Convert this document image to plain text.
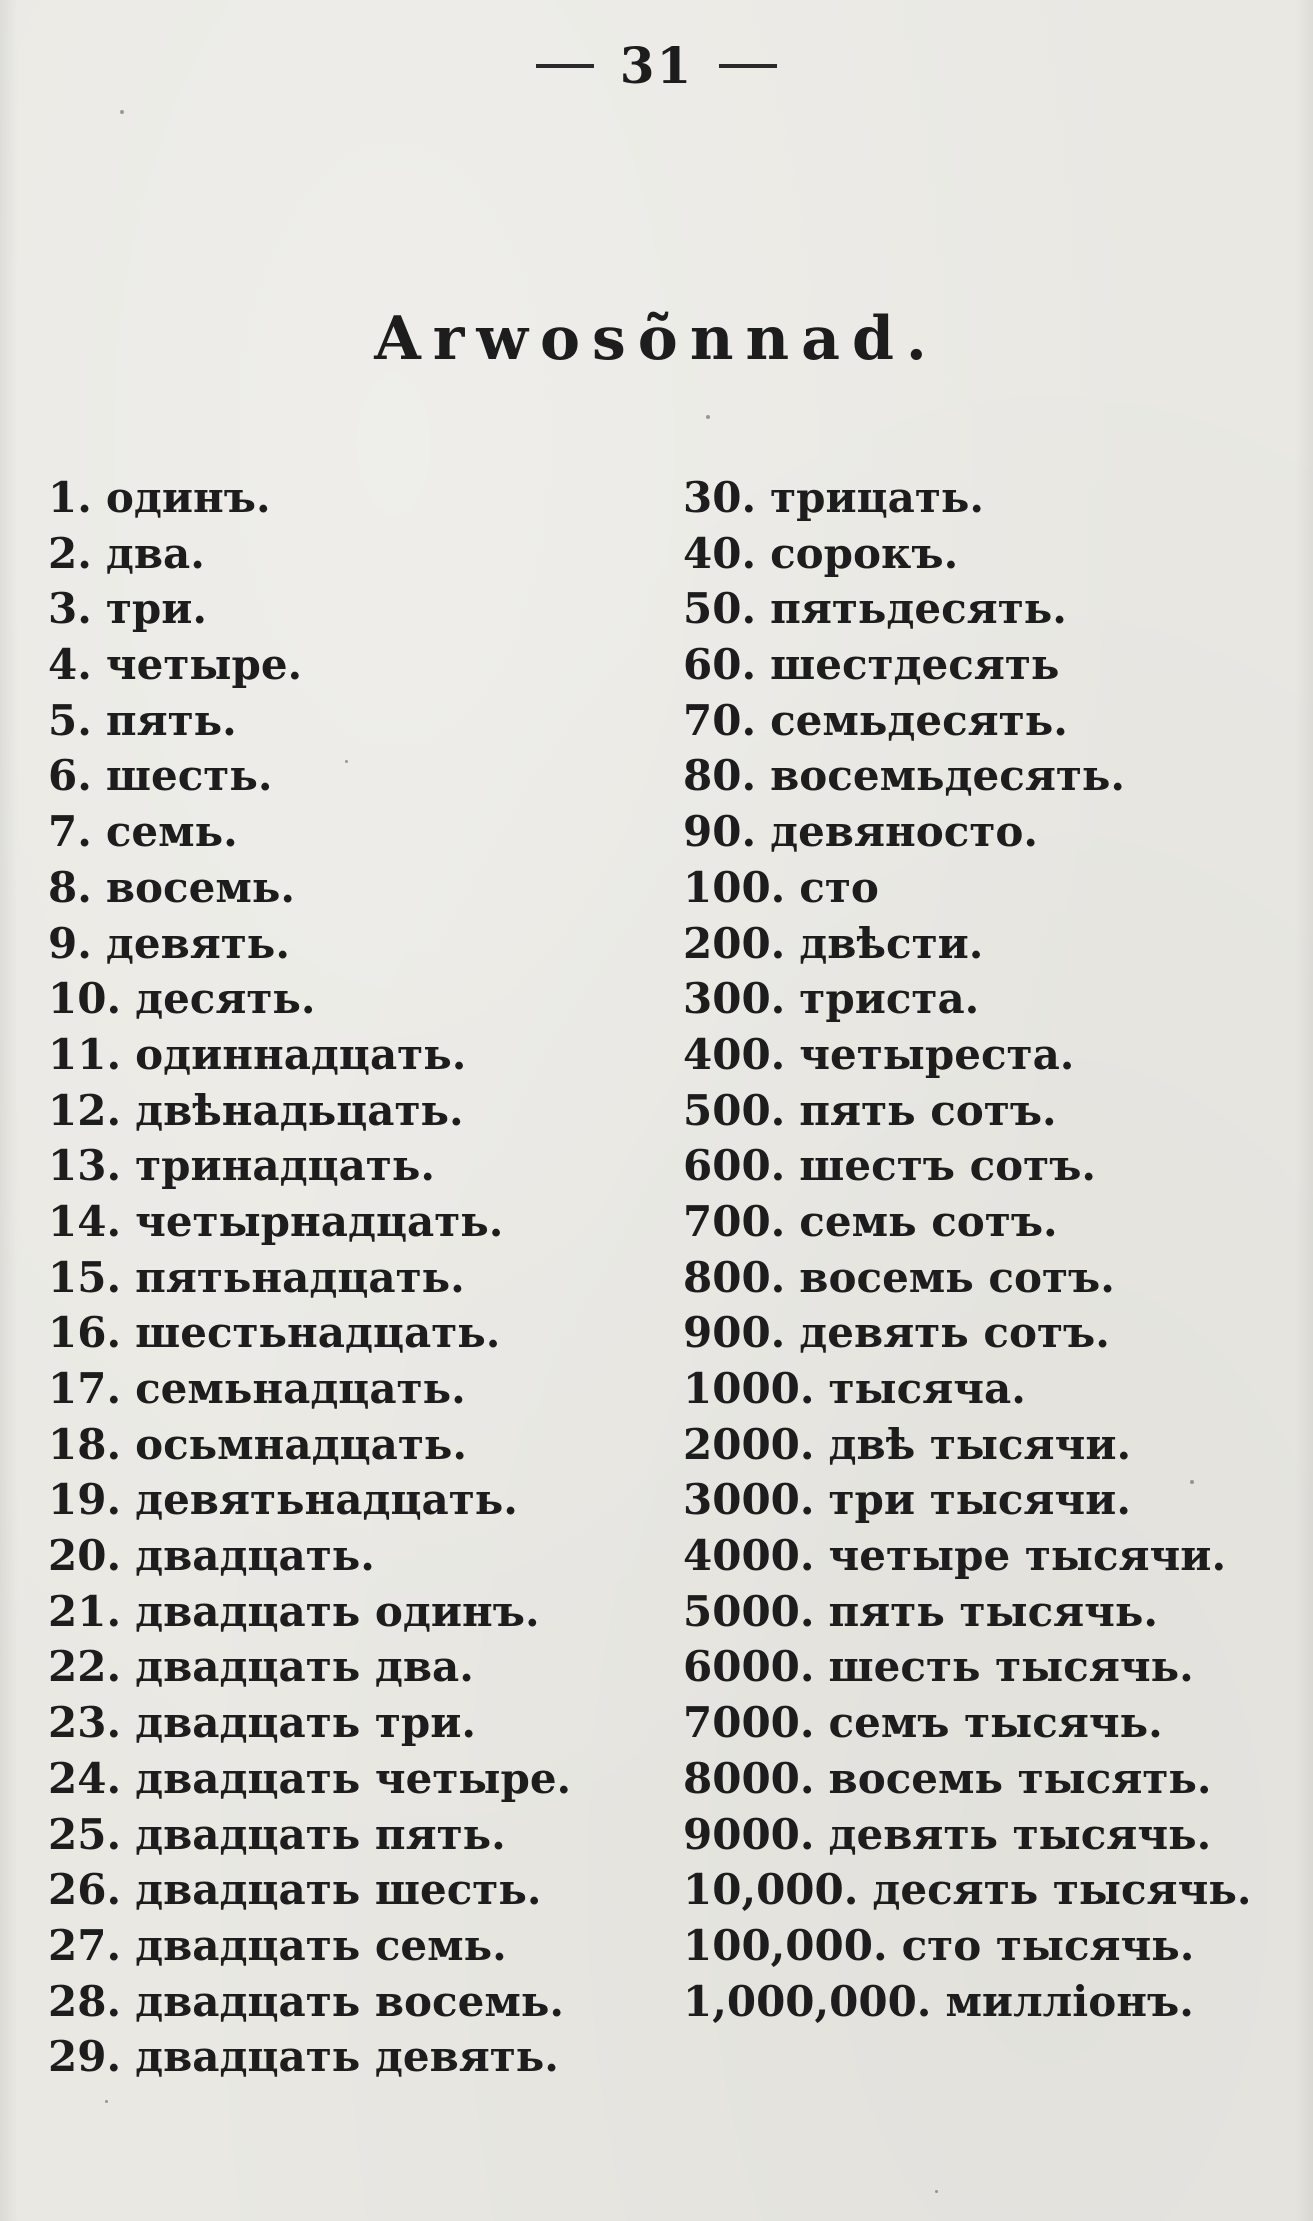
31
Arwosõnnad.
1. одинъ.
2. два.
3. три.
4. четыре.
5. пять.
6. шесть.
7. семь.
8. восемь.
9. девять.
10. десять.
11. одиннадцать.
12. двѣнадьцать.
13. тринадцать.
14. четырнадцать.
15. пятьнадцать.
16. шестьнадцать.
17. семьнадцать.
18. осьмнадцать.
19. девятьнадцать.
20. двадцать.
21. двадцать одинъ.
22. двадцать два.
23. двадцать три.
24. двадцать четыре.
25. двадцать пять.
26. двадцать шесть.
27. двадцать семь.
28. двадцать восемь.
29. двадцать девять.
30. трицать.
40. сорокъ.
50. пятьдесять.
60. шестдесять
70. семьдесять.
80. восемьдесять.
90. девяносто.
100. сто
200. двѣсти.
300. триста.
400. четыреста.
500. пять сотъ.
600. шестъ сотъ.
700. семь сотъ.
800. восемь сотъ.
900. девять сотъ.
1000. тысяча.
2000. двѣ тысячи.
3000. три тысячи.
4000. четыре тысячи.
5000. пять тысячь.
6000. шесть тысячь.
7000. семъ тысячь.
8000. восемь тысять.
9000. девять тысячь.
10,000. десять тысячь.
100,000. сто тысячь.
1,000,000. милліонъ.
